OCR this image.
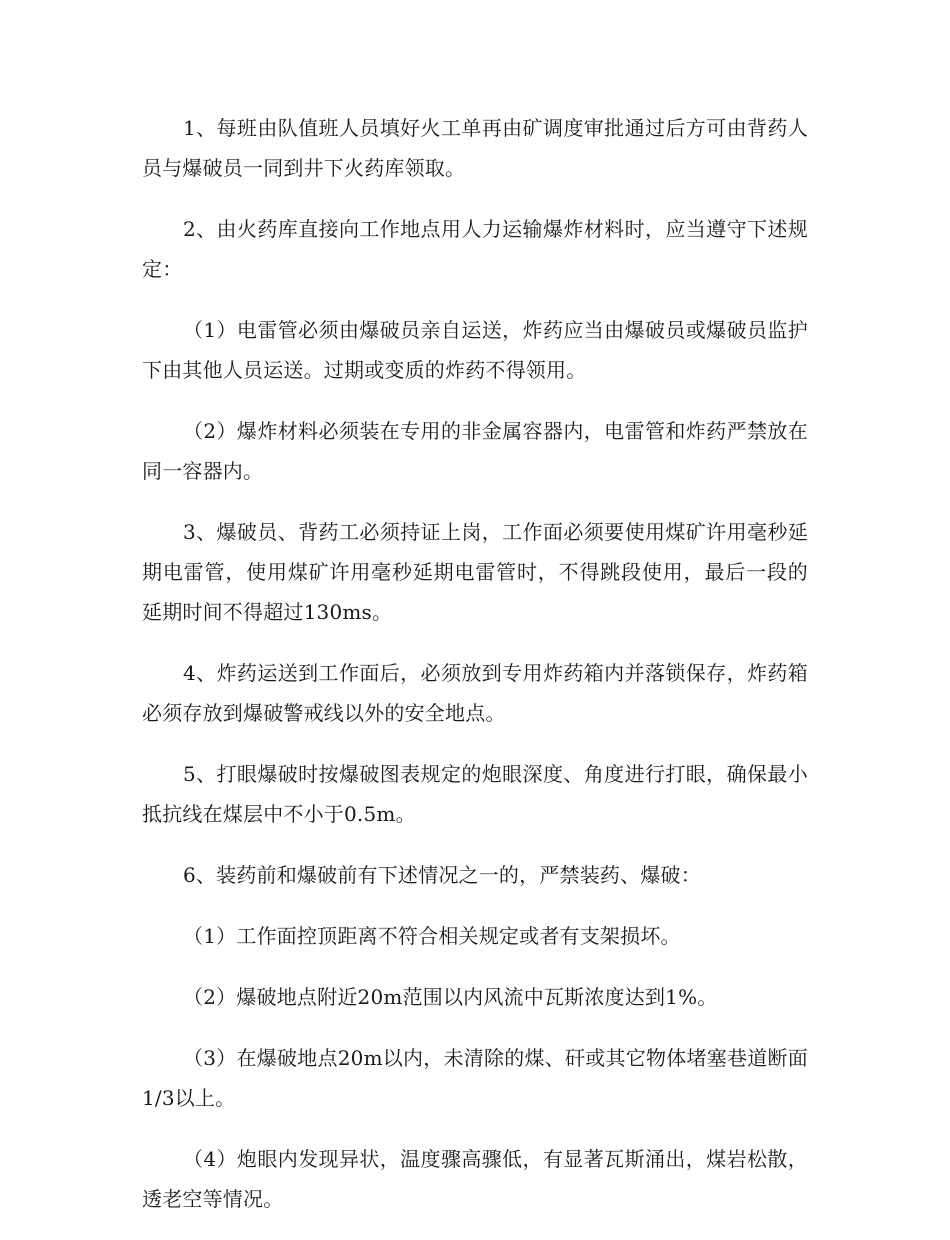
1、每班由队值班人员填好火工单再由矿调度审批通过后方可由背药人员与爆破员一同到井下火药库领取。

2、由火药库直接向工作地点用人力运输爆炸材料时，应当遵守下述规定：

（1）电雷管必须由爆破员亲自运送，炸药应当由爆破员或爆破员监护下由其他人员运送。过期或变质的炸药不得领用。

（2）爆炸材料必须装在专用的非金属容器内，电雷管和炸药严禁放在同一容器内。

3、爆破员、背药工必须持证上岗，工作面必须要使用煤矿许用毫秒延期电雷管，使用煤矿许用毫秒延期电雷管时，不得跳段使用，最后一段的延期时间不得超过130ms。

4、炸药运送到工作面后，必须放到专用炸药箱内并落锁保存，炸药箱必须存放到爆破警戒线以外的安全地点。

5、打眼爆破时按爆破图表规定的炮眼深度、角度进行打眼，确保最小抵抗线在煤层中不小于0.5m。

6、装药前和爆破前有下述情况之一的，严禁装药、爆破：

（1）工作面控顶距离不符合相关规定或者有支架损坏。

（2）爆破地点附近20m范围以内风流中瓦斯浓度达到1%。

（3）在爆破地点20m以内，未清除的煤、矸或其它物体堵塞巷道断面1/3以上。

（4）炮眼内发现异状，温度骤高骤低，有显著瓦斯涌出，煤岩松散，透老空等情况。
